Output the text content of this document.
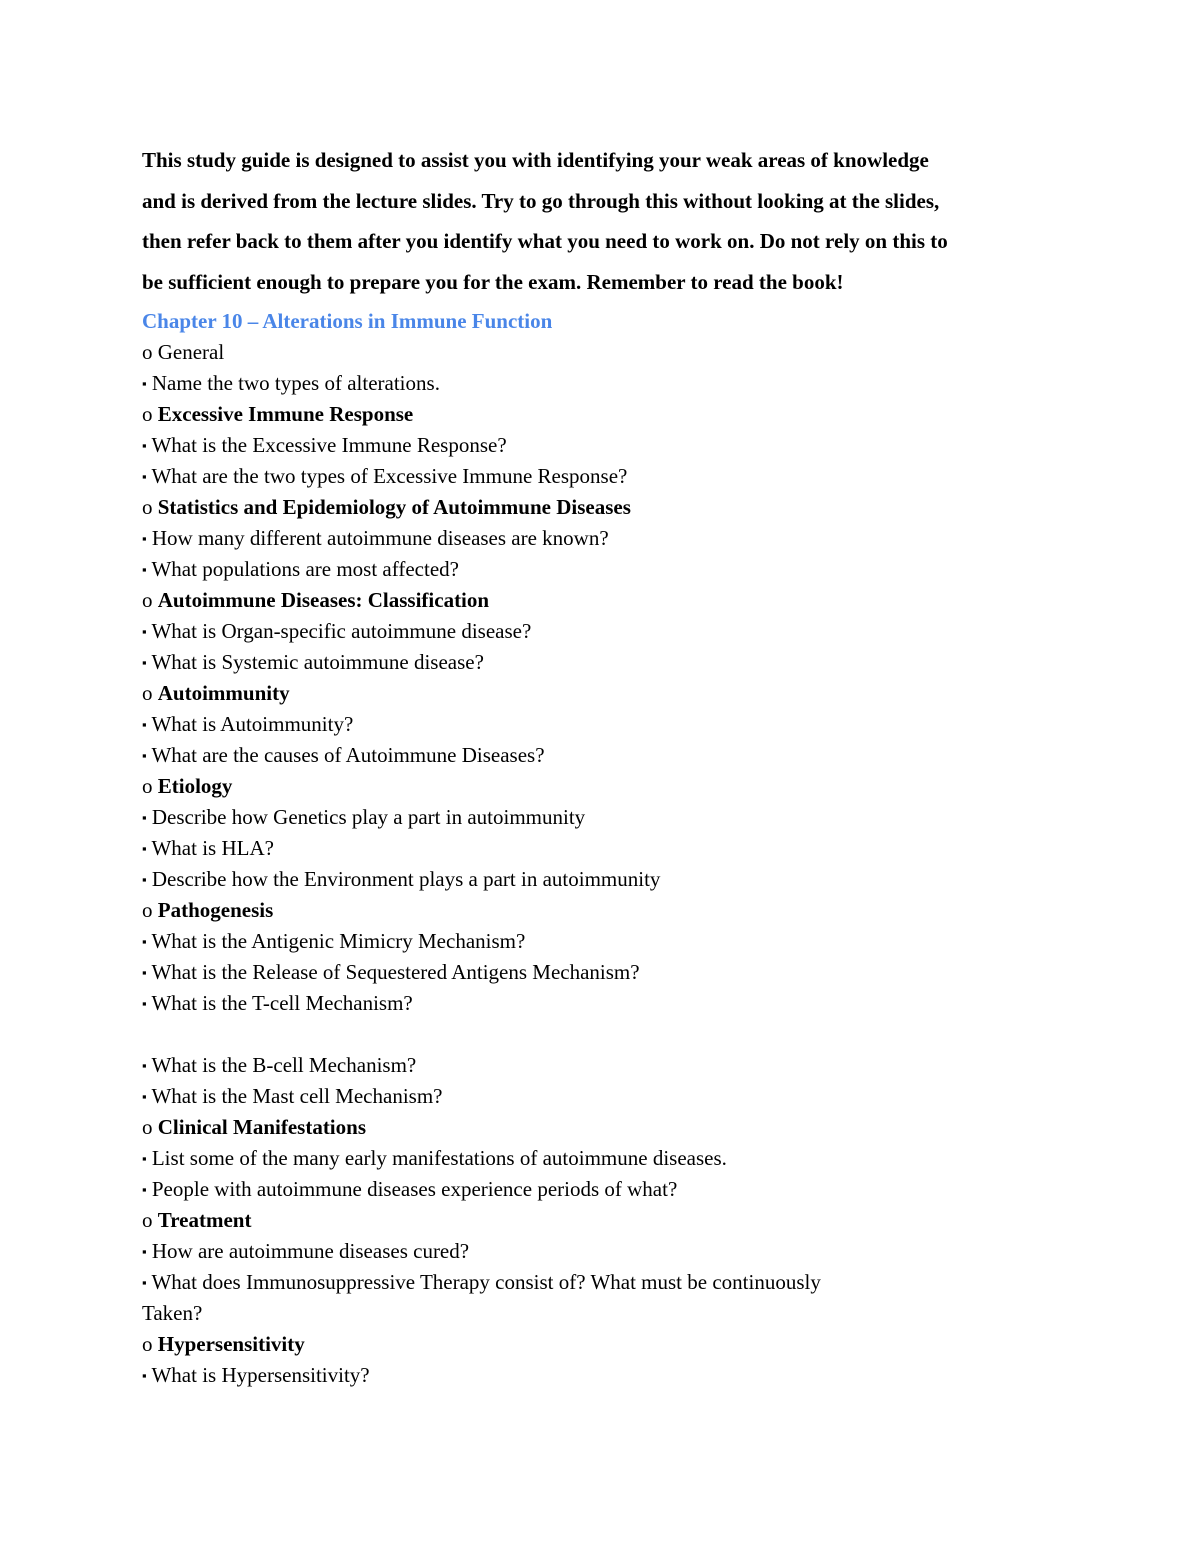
This study guide is designed to assist you with identifying your weak areas of knowledge

and is derived from the lecture slides. Try to go through this without looking at the slides,

then refer back to them after you identify what you need to work on. Do not rely on this to

be sufficient enough to prepare you for the exam. Remember to read the book!

Chapter 10 – Alterations in Immune Function
o General
▪ Name the two types of alterations.
o Excessive Immune Response
▪ What is the Excessive Immune Response?
▪ What are the two types of Excessive Immune Response?
o Statistics and Epidemiology of Autoimmune Diseases
▪ How many different autoimmune diseases are known?
▪ What populations are most affected?
o Autoimmune Diseases: Classification
▪ What is Organ-specific autoimmune disease?
▪ What is Systemic autoimmune disease?
o Autoimmunity
▪ What is Autoimmunity?
▪ What are the causes of Autoimmune Diseases?
o Etiology
▪ Describe how Genetics play a part in autoimmunity
▪ What is HLA?
▪ Describe how the Environment plays a part in autoimmunity
o Pathogenesis
▪ What is the Antigenic Mimicry Mechanism?
▪ What is the Release of Sequestered Antigens Mechanism?
▪ What is the T-cell Mechanism?
▪ What is the B-cell Mechanism?
▪ What is the Mast cell Mechanism?
o Clinical Manifestations
▪ List some of the many early manifestations of autoimmune diseases.
▪ People with autoimmune diseases experience periods of what?
o Treatment
▪ How are autoimmune diseases cured?
▪ What does Immunosuppressive Therapy consist of? What must be continuously
Taken?
o Hypersensitivity
▪ What is Hypersensitivity?
